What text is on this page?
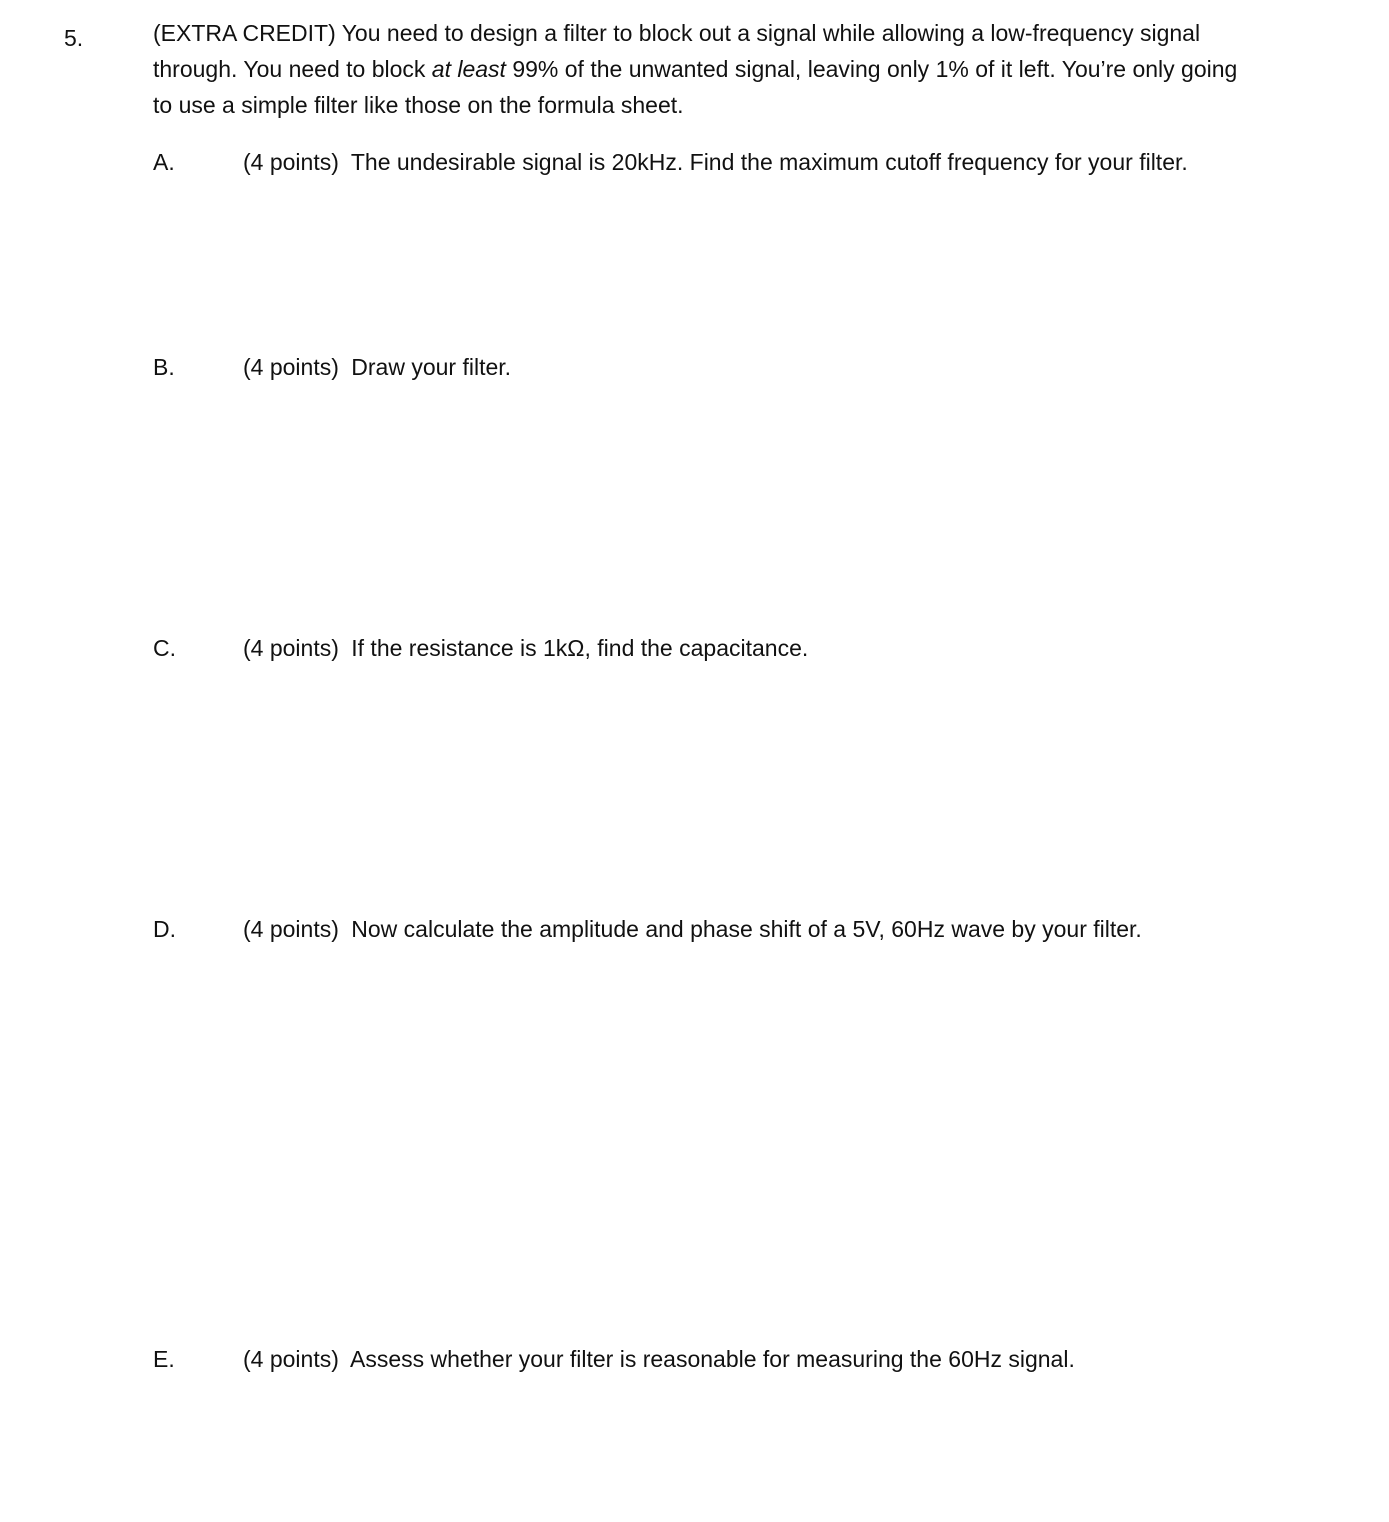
5.	(EXTRA CREDIT) You need to design a filter to block out a signal while allowing a low-frequency signal through. You need to block at least 99% of the unwanted signal, leaving only 1% of it left. You’re only going to use a simple filter like those on the formula sheet.
A.	(4 points) The undesirable signal is 20kHz. Find the maximum cutoff frequency for your filter.
B.	(4 points) Draw your filter.
C.	(4 points) If the resistance is 1kΩ, find the capacitance.
D.	(4 points) Now calculate the amplitude and phase shift of a 5V, 60Hz wave by your filter.
E.	(4 points) Assess whether your filter is reasonable for measuring the 60Hz signal.
